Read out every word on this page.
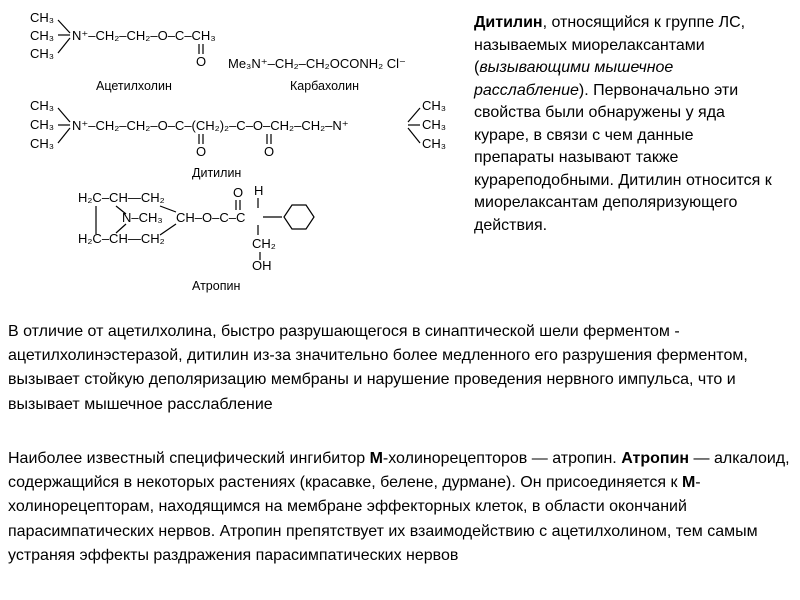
CH₃
CH₃
CH₃
N⁺–CH₂–CH₂–O–C–CH₃
O
Ацетилхолин
Me₃N⁺–CH₂–CH₂OCONH₂ Cl⁻
Карбахолин
CH₃
CH₃
CH₃
N⁺–CH₂–CH₂–O–C–(CH₂)₂–C–O–CH₂–CH₂–N⁺
O	O
CH₃
CH₃
CH₃
Дитилин
H₂C–CH—CH₂
N–CH₃
H₂C–CH—CH₂
CH–O–C–C
O H
CH₂
OH
Атропин

Дитилин, относящийся к группе ЛС, называемых миорелаксантами (вызывающими мышечное расслабление). Первоначально эти свойства были обнаружены у яда кураре, в связи с чем данные препараты называют также курареподобными. Дитилин относится к миорелаксантам деполяризующего действия.

В отличие от ацетилхолина, быстро разрушающегося в синаптической шели ферментом - ацетилхолинэстеразой, дитилин из-за значительно более медленного его разрушения ферментом, вызывает стойкую деполяризацию мембраны и нарушение проведения нервного импульса, что и вызывает мышечное расслабление

Наиболее известный специфический ингибитор М-холинорецепторов — атропин. Атропин — алкалоид, содержащийся в некоторых растениях (красавке, белене, дурмане). Он присоединяется к М-холинорецепторам, находящимся на мембране эффекторных клеток, в области окончаний парасимпатических нервов. Атропин препятствует их взаимодействию с ацетилхолином, тем самым устраняя эффекты раздражения парасимпатических нервов
